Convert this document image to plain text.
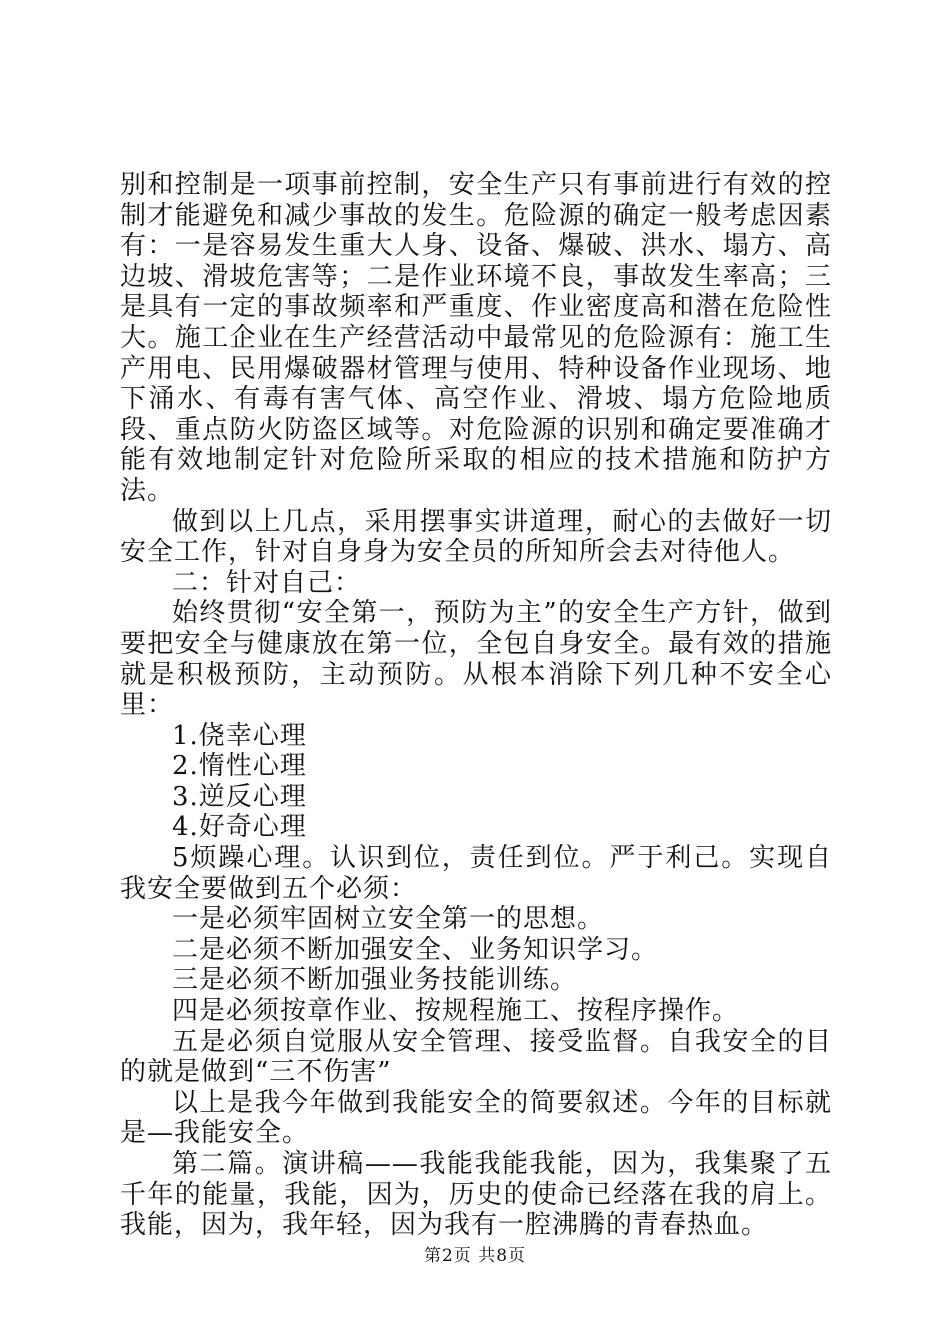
别和控制是一项事前控制，安全生产只有事前进行有效的控制才能避免和减少事故的发生。危险源的确定一般考虑因素有：一是容易发生重大人身、设备、爆破、洪水、塌方、高边坡、滑坡危害等；二是作业环境不良，事故发生率高；三是具有一定的事故频率和严重度、作业密度高和潜在危险性大。施工企业在生产经营活动中最常见的危险源有：施工生产用电、民用爆破器材管理与使用、特种设备作业现场、地下涌水、有毒有害气体、高空作业、滑坡、塌方危险地质段、重点防火防盗区域等。对危险源的识别和确定要准确才能有效地制定针对危险所采取的相应的技术措施和防护方法。

做到以上几点，采用摆事实讲道理，耐心的去做好一切安全工作，针对自身身为安全员的所知所会去对待他人。

二：针对自己：

始终贯彻“安全第一，预防为主”的安全生产方针，做到要把安全与健康放在第一位，全包自身安全。最有效的措施就是积极预防，主动预防。从根本消除下列几种不安全心里：

1.侥幸心理

2.惰性心理

3.逆反心理

4.好奇心理

5烦躁心理。认识到位，责任到位。严于利己。实现自我安全要做到五个必须：

一是必须牢固树立安全第一的思想。

二是必须不断加强安全、业务知识学习。

三是必须不断加强业务技能训练。

四是必须按章作业、按规程施工、按程序操作。

五是必须自觉服从安全管理、接受监督。自我安全的目的就是做到“三不伤害”

以上是我今年做到我能安全的简要叙述。今年的目标就是—我能安全。

第二篇。演讲稿——我能我能我能，因为，我集聚了五千年的能量，我能，因为，历史的使命已经落在我的肩上。我能，因为，我年轻，因为我有一腔沸腾的青春热血。

第2页 共8页
